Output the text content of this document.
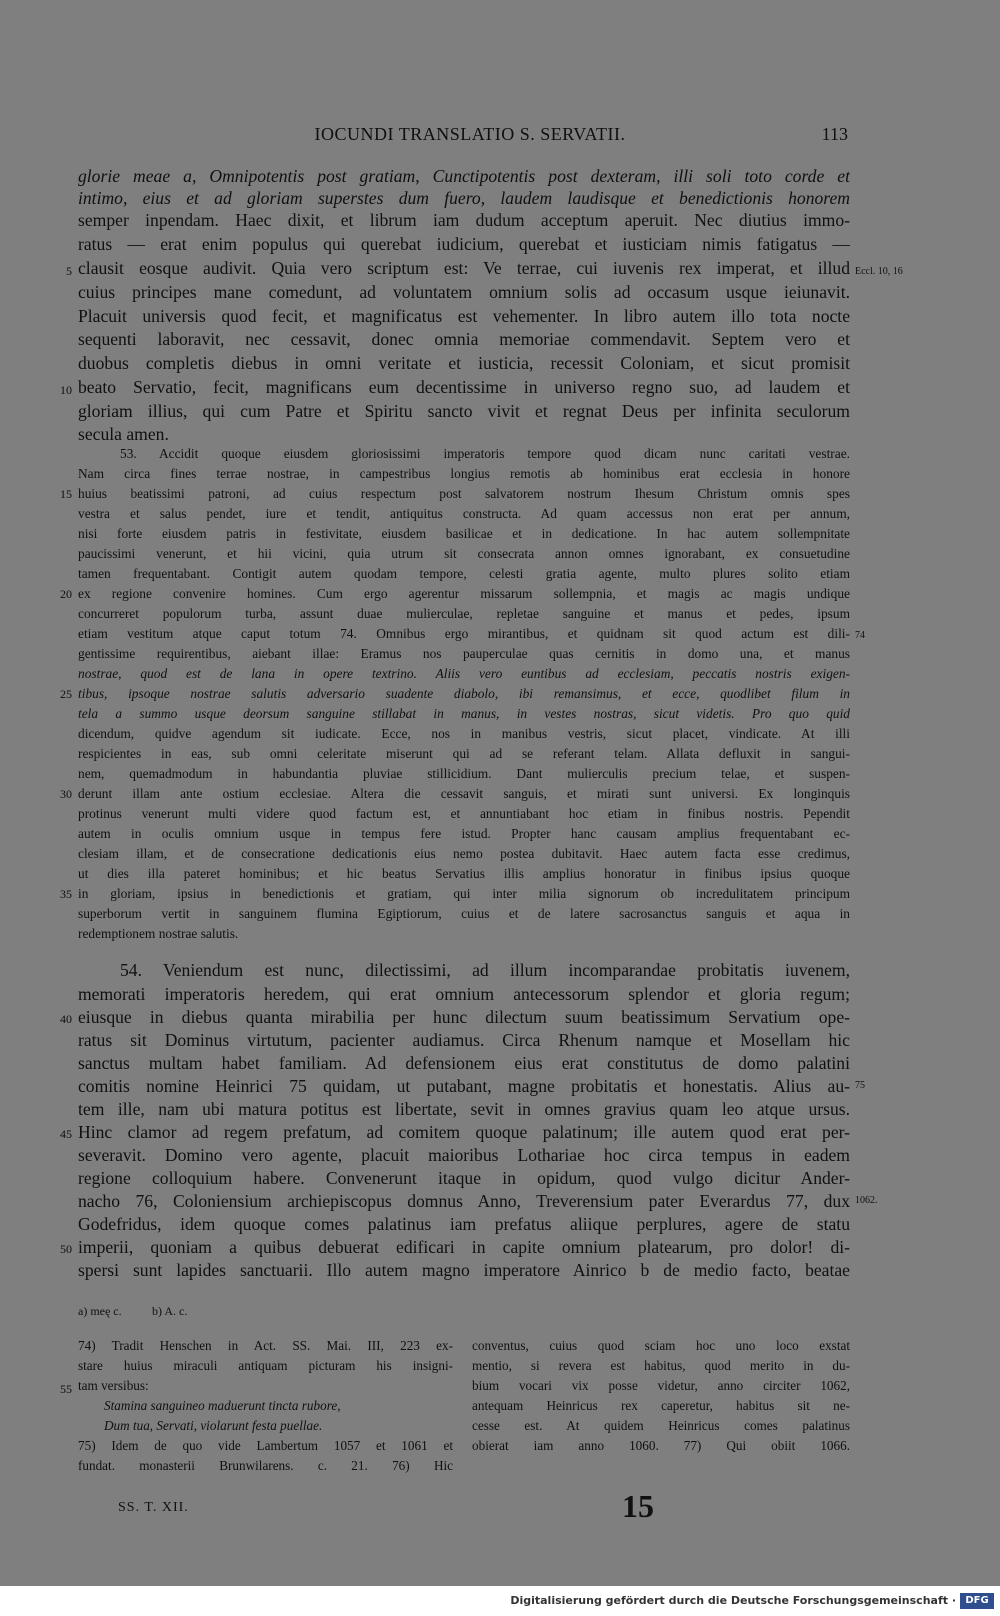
IOCUNDI TRANSLATIO S. SERVATII.	113
glorie meae a, Omnipotentis post gratiam, Cunctipotentis post dexteram, illi soli toto corde et
intimo, eius et ad gloriam superstes dum fuero, laudem laudisque et benedictionis honorem
semper inpendam. Haec dixit, et librum iam dudum acceptum aperuit. Nec diutius immo-
ratus — erat enim populus qui querebat iudicium, querebat et iusticiam nimis fatigatus —
clausit eosque audivit. Quia vero scriptum est: Ve terrae, cui iuvenis rex imperat, et illud
cuius principes mane comedunt, ad voluntatem omnium solis ad occasum usque ieiunavit.
Placuit universis quod fecit, et magnificatus est vehementer. In libro autem illo tota nocte
sequenti laboravit, nec cessavit, donec omnia memoriae commendavit. Septem vero et
duobus completis diebus in omni veritate et iusticia, recessit Coloniam, et sicut promisit
beato Servatio, fecit, magnificans eum decentissime in universo regno suo, ad laudem et
gloriam illius, qui cum Patre et Spiritu sancto vivit et regnat Deus per infinita seculorum
secula amen.
53. Accidit quoque eiusdem gloriosissimi imperatoris tempore quod dicam nunc caritati vestrae.
Nam circa fines terrae nostrae, in campestribus longius remotis ab hominibus erat ecclesia in honore
huius beatissimi patroni, ad cuius respectum post salvatorem nostrum Ihesum Christum omnis spes
vestra et salus pendet, iure et tendit, antiquitus constructa. Ad quam accessus non erat per annum,
nisi forte eiusdem patris in festivitate, eiusdem basilicae et in dedicatione. In hac autem sollempnitate
paucissimi venerunt, et hii vicini, quia utrum sit consecrata annon omnes ignorabant, ex consuetudine
tamen frequentabant. Contigit autem quodam tempore, celesti gratia agente, multo plures solito etiam
ex regione convenire homines. Cum ergo agerentur missarum sollempnia, et magis ac magis undique
concurreret populorum turba, assunt duae mulierculae, repletae sanguine et manus et pedes, ipsum
etiam vestitum atque caput totum 74. Omnibus ergo mirantibus, et quidnam sit quod actum est dili-
gentissime requirentibus, aiebant illae: Eramus nos pauperculae quas cernitis in domo una, et manus
nostrae, quod est de lana in opere textrino. Aliis vero euntibus ad ecclesiam, peccatis nostris exigen-
tibus, ipsoque nostrae salutis adversario suadente diabolo, ibi remansimus, et ecce, quodlibet filum in
tela a summo usque deorsum sanguine stillabat in manus, in vestes nostras, sicut videtis. Pro quo quid
dicendum, quidve agendum sit iudicate. Ecce, nos in manibus vestris, sicut placet, vindicate. At illi
respicientes in eas, sub omni celeritate miserunt qui ad se referant telam. Allata defluxit in sangui-
nem, quemadmodum in habundantia pluviae stillicidium. Dant mulierculis precium telae, et suspen-
derunt illam ante ostium ecclesiae. Altera die cessavit sanguis, et mirati sunt universi. Ex longinquis
protinus venerunt multi videre quod factum est, et annuntiabant hoc etiam in finibus nostris. Pependit
autem in oculis omnium usque in tempus fere istud. Propter hanc causam amplius frequentabant ec-
clesiam illam, et de consecratione dedicationis eius nemo postea dubitavit. Haec autem facta esse credimus,
ut dies illa pateret hominibus; et hic beatus Servatius illis amplius honoratur in finibus ipsius quoque
in gloriam, ipsius in benedictionis et gratiam, qui inter milia signorum ob incredulitatem principum
superborum vertit in sanguinem flumina Egiptiorum, cuius et de latere sacrosanctus sanguis et aqua in
redemptionem nostrae salutis.
54. Veniendum est nunc, dilectissimi, ad illum incomparandae probitatis iuvenem,
memorati imperatoris heredem, qui erat omnium antecessorum splendor et gloria regum;
eiusque in diebus quanta mirabilia per hunc dilectum suum beatissimum Servatium ope-
ratus sit Dominus virtutum, pacienter audiamus. Circa Rhenum namque et Mosellam hic
sanctus multam habet familiam. Ad defensionem eius erat constitutus de domo palatini
comitis nomine Heinrici 75 quidam, ut putabant, magne probitatis et honestatis. Alius au-
tem ille, nam ubi matura potitus est libertate, sevit in omnes gravius quam leo atque ursus.
Hinc clamor ad regem prefatum, ad comitem quoque palatinum; ille autem quod erat per-
severavit. Domino vero agente, placuit maioribus Lothariae hoc circa tempus in eadem
regione colloquium habere. Convenerunt itaque in opidum, quod vulgo dicitur Ander-
nacho 76, Coloniensium archiepiscopus domnus Anno, Treverensium pater Everardus 77, dux
Godefridus, idem quoque comes palatinus iam prefatus aliique perplures, agere de statu
imperii, quoniam a quibus debuerat edificari in capite omnium platearum, pro dolor! di-
spersi sunt lapides sanctuarii. Illo autem magno imperatore Ainrico b de medio facto, beatae
5
10
15
20
25
30
35
40
45
50
55
Eccl. 10, 16
74
75
1062.
a) meę c.	b) A. c.
74) Tradit Henschen in Act. SS. Mai. III, 223 ex-
stare huius miraculi antiquam picturam his insigni-
tam versibus:
Stamina sanguineo maduerunt tincta rubore,
Dum tua, Servati, violarunt festa puellae.
75) Idem de quo vide Lambertum 1057 et 1061 et
fundat. monasterii Brunwilarens. c. 21. 76) Hic
conventus, cuius quod sciam hoc uno loco exstat
mentio, si revera est habitus, quod merito in du-
bium vocari vix posse videtur, anno circiter 1062,
antequam Heinricus rex caperetur, habitus sit ne-
cesse est. At quidem Heinricus comes palatinus
obierat iam anno 1060. 77) Qui obiit 1066.
SS. T. XII.	15
Digitalisierung gefördert durch die Deutsche Forschungsgemeinschaft · DFG
